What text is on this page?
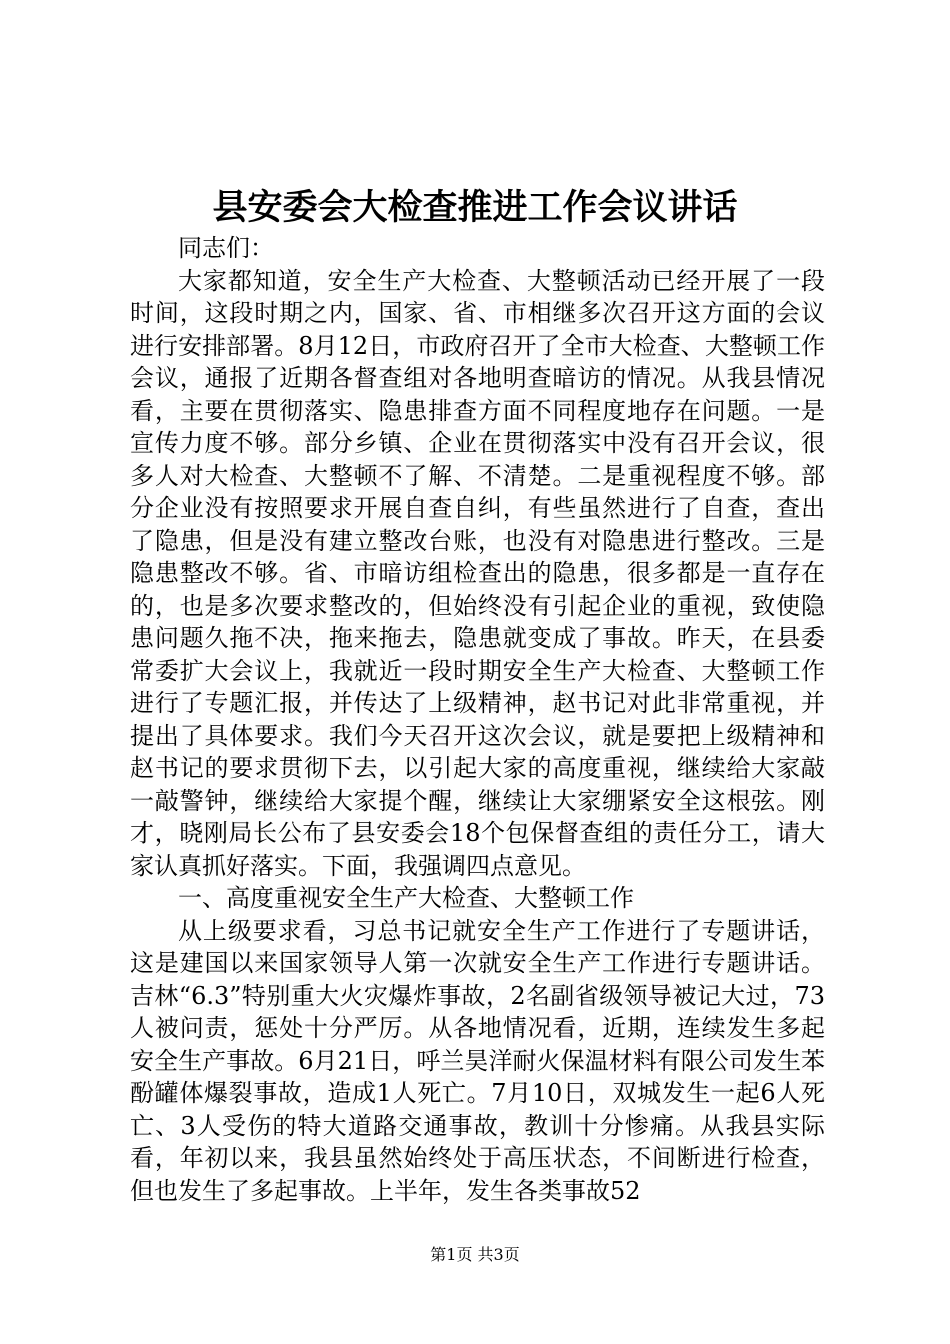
县安委会大检查推进工作会议讲话

同志们：

大家都知道，安全生产大检查、大整顿活动已经开展了一段时间，这段时期之内，国家、省、市相继多次召开这方面的会议进行安排部署。8月12日，市政府召开了全市大检查、大整顿工作会议，通报了近期各督查组对各地明查暗访的情况。从我县情况看，主要在贯彻落实、隐患排查方面不同程度地存在问题。一是宣传力度不够。部分乡镇、企业在贯彻落实中没有召开会议，很多人对大检查、大整顿不了解、不清楚。二是重视程度不够。部分企业没有按照要求开展自查自纠，有些虽然进行了自查，查出了隐患，但是没有建立整改台账，也没有对隐患进行整改。三是隐患整改不够。省、市暗访组检查出的隐患，很多都是一直存在的，也是多次要求整改的，但始终没有引起企业的重视，致使隐患问题久拖不决，拖来拖去，隐患就变成了事故。昨天，在县委常委扩大会议上，我就近一段时期安全生产大检查、大整顿工作进行了专题汇报，并传达了上级精神，赵书记对此非常重视，并提出了具体要求。我们今天召开这次会议，就是要把上级精神和赵书记的要求贯彻下去，以引起大家的高度重视，继续给大家敲一敲警钟，继续给大家提个醒，继续让大家绷紧安全这根弦。刚才，晓刚局长公布了县安委会18个包保督查组的责任分工，请大家认真抓好落实。下面，我强调四点意见。

一、高度重视安全生产大检查、大整顿工作

从上级要求看，习总书记就安全生产工作进行了专题讲话，这是建国以来国家领导人第一次就安全生产工作进行专题讲话。吉林“6.3”特别重大火灾爆炸事故，2名副省级领导被记大过，73人被问责，惩处十分严厉。从各地情况看，近期，连续发生多起安全生产事故。6月21日，呼兰昊洋耐火保温材料有限公司发生苯酚罐体爆裂事故，造成1人死亡。7月10日，双城发生一起6人死亡、3人受伤的特大道路交通事故，教训十分惨痛。从我县实际看，年初以来，我县虽然始终处于高压状态，不间断进行检查，但也发生了多起事故。上半年，发生各类事故52

第1页 共3页
